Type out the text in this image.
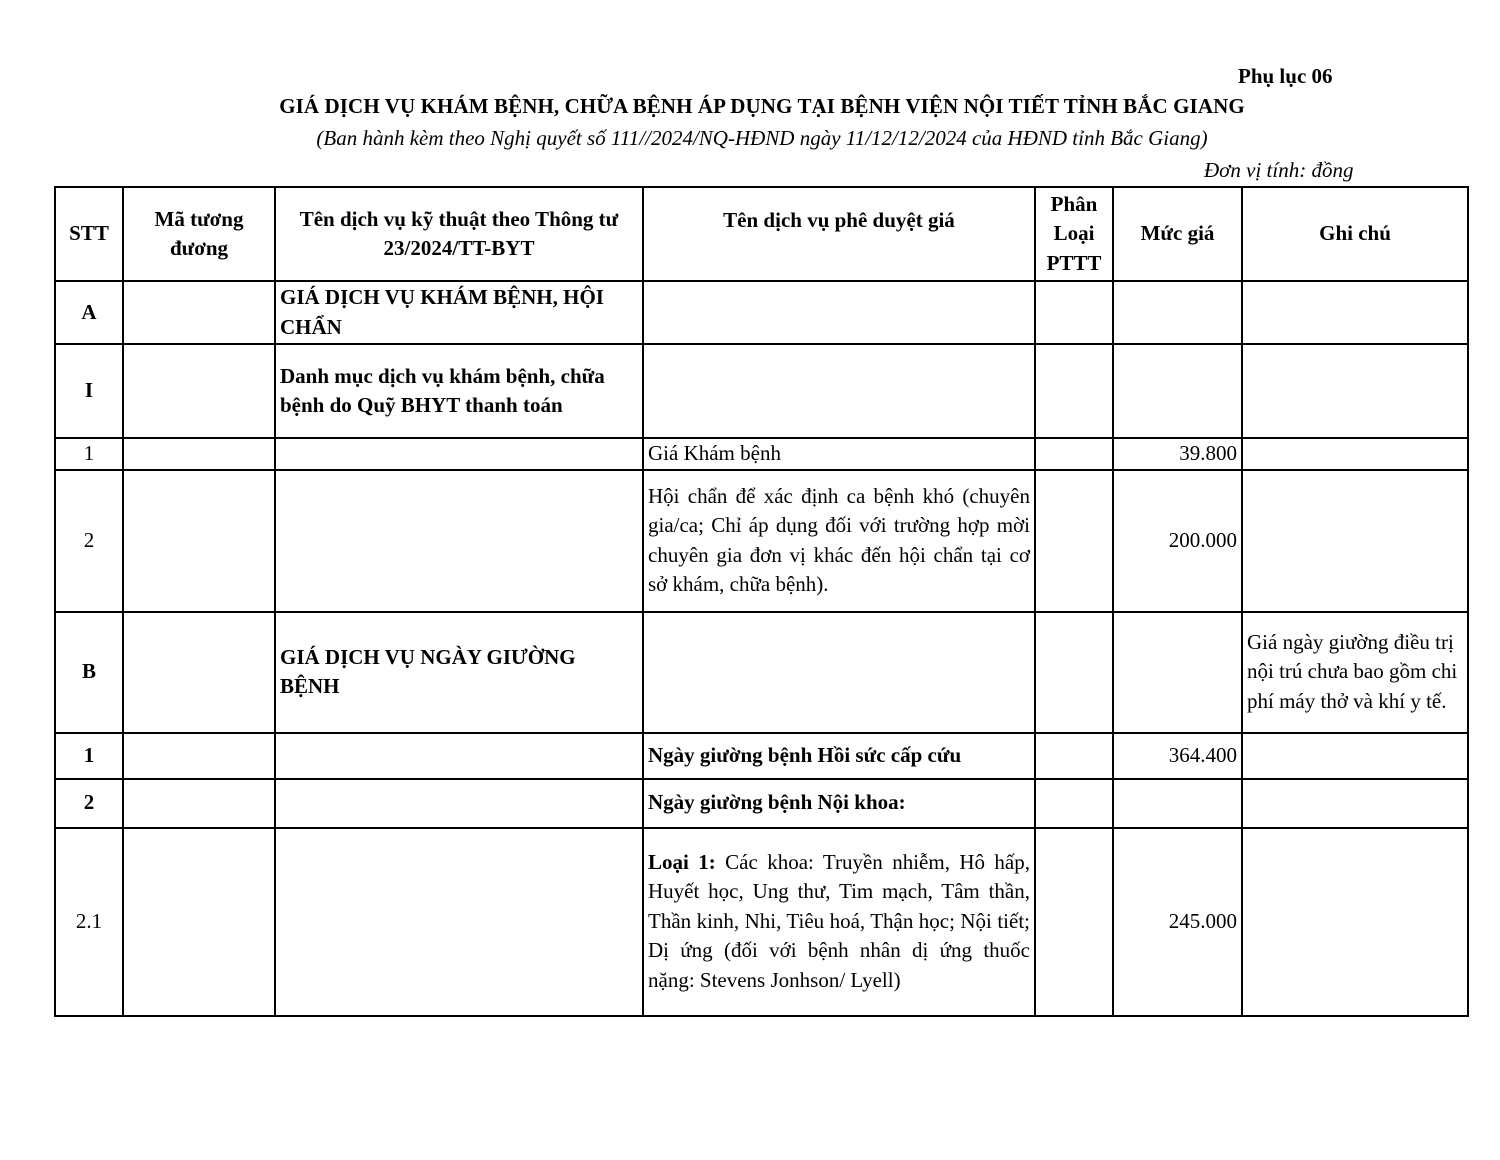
Phụ lục 06
GIÁ DỊCH VỤ KHÁM BỆNH, CHỮA BỆNH ÁP DỤNG TẠI BỆNH VIỆN NỘI TIẾT TỈNH BẮC GIANG
(Ban hành kèm theo Nghị quyết số 111//2024/NQ-HĐND ngày 11/12/12/2024 của HĐND tỉnh Bắc Giang)
Đơn vị tính: đồng
STT	Mã tương đương	Tên dịch vụ kỹ thuật theo Thông tư 23/2024/TT-BYT	Tên dịch vụ phê duyệt giá	Phân Loại PTTT	Mức giá	Ghi chú
A		GIÁ DỊCH VỤ KHÁM BỆNH, HỘI CHẨN				
I		Danh mục dịch vụ khám bệnh, chữa bệnh do Quỹ BHYT thanh toán				
1			Giá Khám bệnh		39.800	
2			Hội chẩn để xác định ca bệnh khó (chuyên gia/ca; Chỉ áp dụng đối với trường hợp mời chuyên gia đơn vị khác đến hội chẩn tại cơ sở khám, chữa bệnh).		200.000	
B		GIÁ DỊCH VỤ NGÀY GIƯỜNG BỆNH				Giá ngày giường điều trị nội trú chưa bao gồm chi phí máy thở và khí y tế.
1			Ngày giường bệnh Hồi sức cấp cứu		364.400	
2			Ngày giường bệnh Nội khoa:			
2.1			Loại 1: Các khoa: Truyền nhiễm, Hô hấp, Huyết học, Ung thư, Tim mạch, Tâm thần, Thần kinh, Nhi, Tiêu hoá, Thận học; Nội tiết; Dị ứng (đối với bệnh nhân dị ứng thuốc nặng: Stevens Jonhson/ Lyell)		245.000	
